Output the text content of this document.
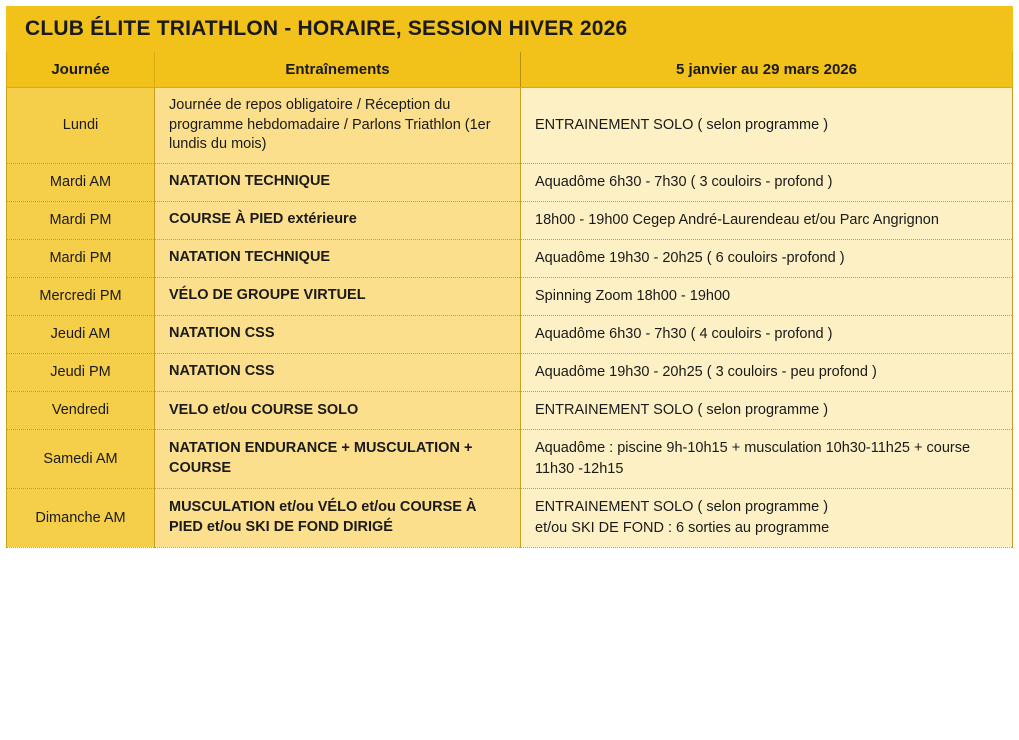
CLUB ÉLITE TRIATHLON - HORAIRE, SESSION HIVER 2026		
Journée	Entraînements	5 janvier au 29 mars 2026
Lundi	Journée de repos obligatoire / Réception du programme hebdomadaire / Parlons Triathlon (1er lundis du mois)	ENTRAINEMENT SOLO ( selon programme )

Mardi AM	NATATION TECHNIQUE	Aquadôme 6h30 - 7h30 ( 3 couloirs - profond )

Mardi PM	COURSE À PIED extérieure	18h00 - 19h00 Cegep André-Laurendeau et/ou Parc Angrignon

Mardi PM	NATATION TECHNIQUE	Aquadôme 19h30 - 20h25 ( 6 couloirs -profond )

Mercredi PM	VÉLO DE GROUPE VIRTUEL	Spinning Zoom 18h00 - 19h00

Jeudi AM	NATATION CSS	Aquadôme 6h30 - 7h30 ( 4 couloirs - profond )

Jeudi PM	NATATION CSS	Aquadôme 19h30 - 20h25 ( 3 couloirs - peu profond )

Vendredi	VELO et/ou COURSE SOLO	ENTRAINEMENT SOLO ( selon programme )

Samedi AM	NATATION ENDURANCE + MUSCULATION + COURSE	Aquadôme : piscine 9h-10h15 + musculation 10h30-11h25 + course 11h30 -12h15

Dimanche AM	MUSCULATION et/ou VÉLO et/ou COURSE À PIED et/ou SKI DE FOND DIRIGÉ	ENTRAINEMENT SOLO ( selon programme )
et/ou SKI DE FOND : 6 sorties au programme
